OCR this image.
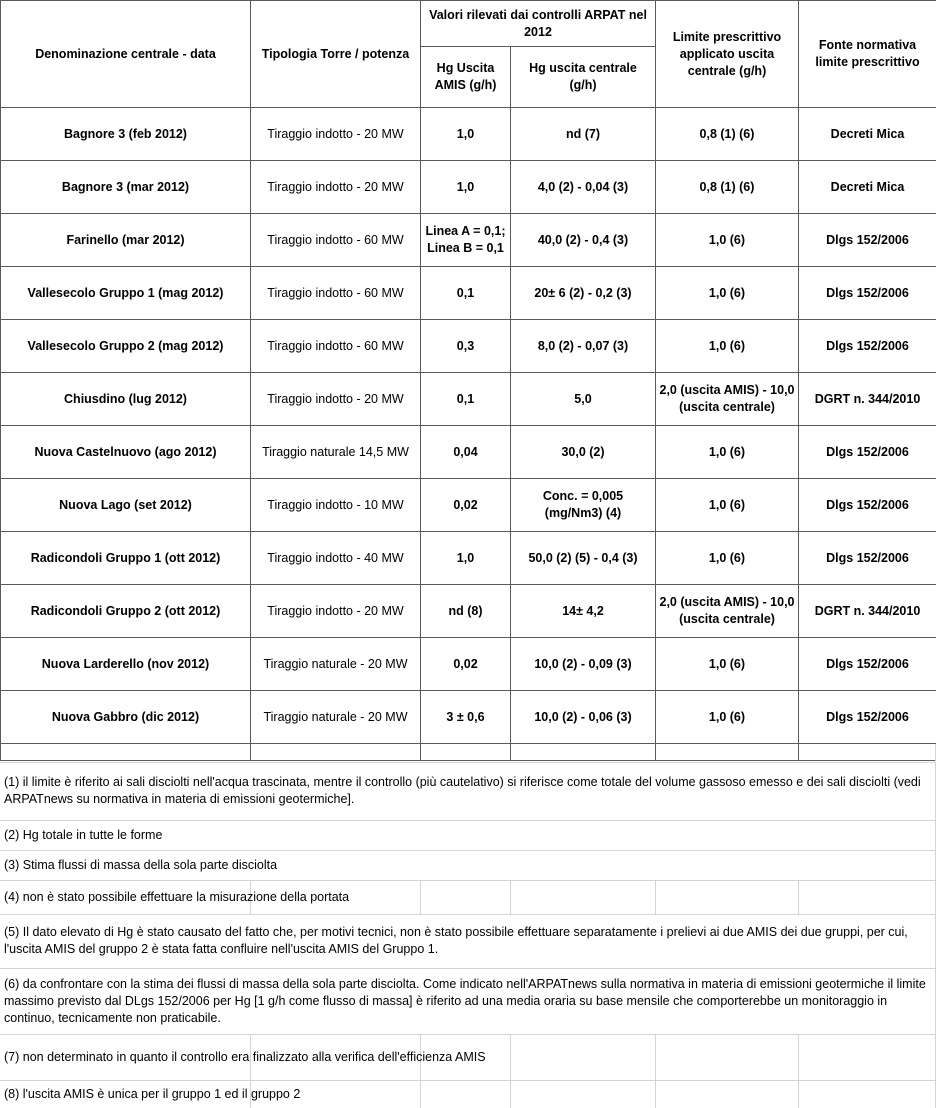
Denominazione centrale - data	Tipologia Torre / potenza	Valori rilevati dai controlli ARPAT nel 2012		Limite prescrittivo applicato uscita centrale (g/h)	Fonte normativa limite prescrittivo
		Hg Uscita AMIS (g/h)	Hg uscita centrale (g/h)		
Bagnore 3 (feb 2012)	Tiraggio indotto - 20 MW	1,0	nd (7)	0,8 (1) (6)	Decreti Mica
Bagnore 3 (mar 2012)	Tiraggio indotto - 20 MW	1,0	4,0 (2) - 0,04 (3)	0,8 (1) (6)	Decreti Mica
Farinello (mar 2012)	Tiraggio indotto - 60 MW	Linea A = 0,1; Linea B = 0,1	40,0 (2) - 0,4 (3)	1,0 (6)	Dlgs 152/2006
Vallesecolo Gruppo 1 (mag 2012)	Tiraggio indotto - 60 MW	0,1	20± 6 (2) - 0,2 (3)	1,0 (6)	Dlgs 152/2006
Vallesecolo Gruppo 2 (mag 2012)	Tiraggio indotto - 60 MW	0,3	8,0 (2) - 0,07 (3)	1,0 (6)	Dlgs 152/2006
Chiusdino (lug 2012)	Tiraggio indotto - 20 MW	0,1	5,0	2,0 (uscita AMIS) - 10,0 (uscita centrale)	DGRT n. 344/2010
Nuova Castelnuovo (ago 2012)	Tiraggio naturale 14,5 MW	0,04	30,0 (2)	1,0 (6)	Dlgs 152/2006
Nuova Lago (set 2012)	Tiraggio indotto - 10 MW	0,02	Conc. = 0,005 (mg/Nm3) (4)	1,0 (6)	Dlgs 152/2006
Radicondoli Gruppo 1 (ott 2012)	Tiraggio indotto - 40 MW	1,0	50,0 (2) (5) - 0,4 (3)	1,0 (6)	Dlgs 152/2006
Radicondoli Gruppo 2 (ott 2012)	Tiraggio indotto - 20 MW	nd (8)	14± 4,2	2,0 (uscita AMIS) - 10,0 (uscita centrale)	DGRT n. 344/2010
Nuova Larderello (nov 2012)	Tiraggio naturale - 20 MW	0,02	10,0 (2) - 0,09 (3)	1,0 (6)	Dlgs 152/2006
Nuova Gabbro (dic 2012)	Tiraggio naturale - 20 MW	3 ± 0,6	10,0 (2) - 0,06 (3)	1,0 (6)	Dlgs 152/2006

(1) il limite è riferito ai sali disciolti nell'acqua trascinata, mentre il controllo (più cautelativo) si riferisce come totale del volume gassoso emesso e dei sali disciolti (vedi ARPATnews su normativa in materia di emissioni geotermiche].
(2) Hg totale in tutte le forme
(3) Stima flussi di massa della sola parte disciolta
(4) non è stato possibile effettuare la misurazione della portata
(5) Il dato elevato di Hg è stato causato del fatto che, per motivi tecnici, non è stato possibile effettuare separatamente i prelievi ai due AMIS dei due gruppi, per cui, l'uscita AMIS del gruppo 2 è stata fatta confluire nell'uscita AMIS del Gruppo 1.
(6) da confrontare con la stima dei flussi di massa della sola parte disciolta. Come indicato nell'ARPATnews sulla normativa in materia di emissioni geotermiche il limite massimo previsto dal DLgs 152/2006 per Hg [1 g/h come flusso di massa] è riferito ad una media oraria su base mensile che comporterebbe un monitoraggio in continuo, tecnicamente non praticabile.
(7) non determinato in quanto il controllo era finalizzato alla verifica dell'efficienza AMIS
(8) l'uscita AMIS è unica per il gruppo 1 ed il gruppo 2
